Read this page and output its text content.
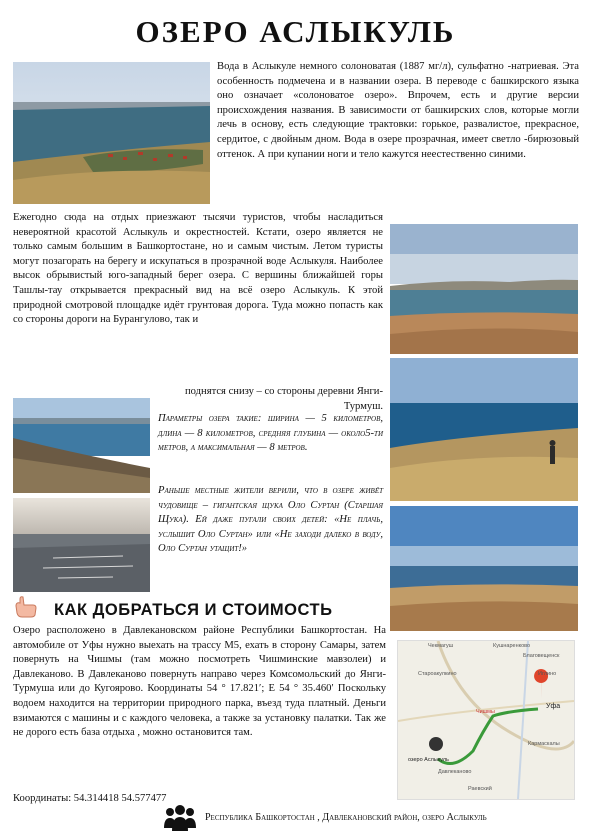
ОЗЕРО АСЛЫКУЛЬ
Вода в Аслыкуле немного солоноватая (1887 мг/л), сульфатно -натриевая. Эта особенность подмечена и в названии озера. В переводе с башкирского языка оно означает «солоноватое озеро». Впрочем, есть и другие версии происхождения названия. В зависимости от башкирских слов, которые могли лечь в основу, есть следующие трактовки: горькое, развалистое, прекрасное, сердитое, с двойным дном. Вода в озере прозрачная, имеет светло -бирюзовый оттенок. А при купании ноги и тело кажутся неестественно синими.
Ежегодно сюда на отдых приезжают тысячи туристов, чтобы насладиться невероятной красотой Аслыкуль и окрестностей. Кстати, озеро является не только самым большим в Башкортостане, но и самым чистым. Летом туристы могут позагорать на берегу и искупаться в прозрачной воде Аслыкуля. Наиболее высок обрывистый юго-западный берег озера. С вершины ближайшей горы Ташлы-тау открывается прекрасный вид на всё озеро Аслыкуль. К этой природной смотровой площадке идёт грунтовая дорога. Туда можно попасть как со стороны дороги на Бурангулово, так и
поднятся снизу – со стороны деревни Янги-Турмуш.
Параметры озера такие: ширина — 5 километров, длина — 8 километров, средняя глубина — около5-ти метров, а максимальная — 8 метров.
Раньше местные жители верили, что в озере живёт чудовище – гигантская щука Оло Суртан (Старшая Щука). Ей даже пугали своих детей: «Не плачь, услышит Оло Суртан» или «Не заходи далеко в воду, Оло Суртан утащит!»
КАК ДОБРАТЬСЯ И СТОИМОСТЬ
Озеро расположено в Давлекановском районе Республики Башкортостан. На автомобиле от Уфы нужно выехать на трассу М5, ехать в сторону Самары, затем повернуть на Чишмы (там можно посмотреть Чишминские мавзолеи) и Давлеканово. В Давлеканово повернуть направо через Комсомольский до Янги-Турмуша или до Кугоярово. Координаты 54 ° 17.821′; E 54 ° 35.460′ Поскольку водоем находится на территории природного парка, въезд туда платный. Деньги взимаются с машины и с каждого человека, а также за установку палатки. Так же не дорого есть база отдыха , можно остановится там.
Координаты: 54.314418 54.577477
Чекмагуш	Кушнаренково
Благовещенск
Староакулкино	Иглино
Уфа
Чишмы
озеро Аслыкуль
Давлеканово
Кармаскалы
Раевский
Республика Башкортостан , Давлекановский район, озеро Аслыкуль
